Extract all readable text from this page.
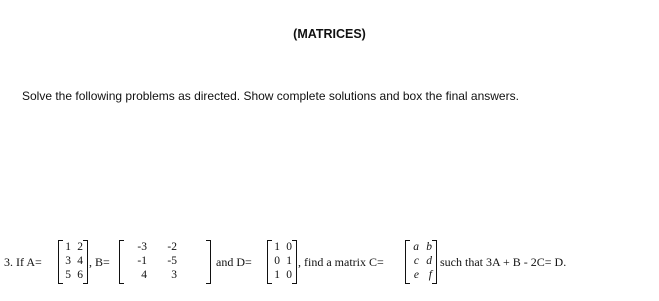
(MATRICES)
Solve the following problems as directed. Show complete solutions and box the final answers.
3. If A=
1 2
3 4
5 6
, B=
-3	-2
-1	-5
4	3
and D=
1 0
0 1
1 0
, find a matrix C=
a b
c d
e f
such that 3A + B - 2C= D.
